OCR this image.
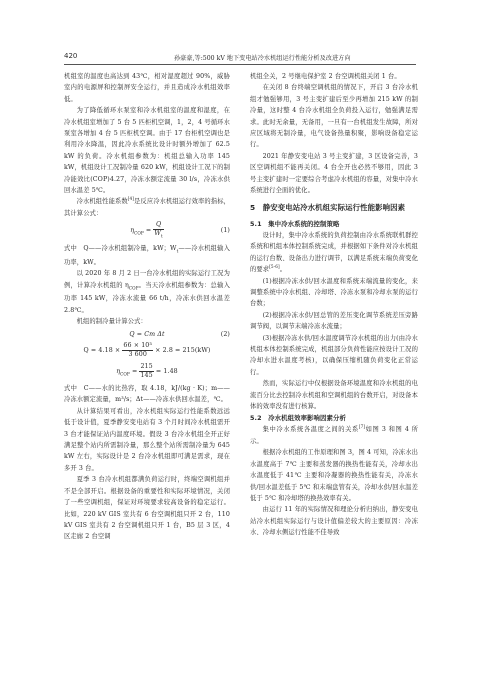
420	孙豪豪,等:500 kV 地下变电站冷水机组运行性能分析及改进方向

机组室的温度也高达到 43℃，相对湿度超过 90%，威胁室内的电源屏和控制屏安全运行，并且造成冷水机组效率低。

为了降低循环水泵室和冷水机组室的温度和湿度，在冷水机组室增加了 5 台 5 匹柜机空调，1，2，4 号循环水泵室各增加 4 台 5 匹柜机空调。由于 17 台柜机空调也是利用冷水降温，因此冷水系统比设计时额外增加了 62.5 kW 的负荷。冷水机组参数为：机组总输入功率 145 kW，机组设计工况制冷量 620 kW，机组设计工况下的制冷能效比(COP)4.27，冷冻水额定流量 30 l/s，冷冻水供回水温差 5℃。

冷水机组性能系数[4]是反应冷水机组运行效率的指标，其计算公式：

$\eta_{COP} = \frac{Q}{W_t}$	(1)

式中　Q——冷水机组制冷量，kW；$W_t——$冷水机组输入功率，kW。

以 2020 年 8 月 2 日一台冷水机组的实际运行工况为例，计算冷水机组的 $\eta_{COP}$。当天冷水机组参数为：总输入功率 145 kW，冷冻水流量 66 t/h，冷冻水供回水温差 2.8℃。

机组的制冷量计算公式：

Q = Cm Δt	(2)
$Q = 4.18 \times \frac{\text{66 × 10³}}{3 600} \times 2.8 = 215(kW)$
$\eta_{COP} = \frac{215}{145} = 1.48$

式中　C——水的比热容，取 4.18，kJ/(kg · K)；m——冷冻水额定流量，m³/s；Δt——冷冻水供回水温差，℃。

从计算结果可看出，冷水机组实际运行性能系数远远低于设计值，夏季静安变电站有 3 个月时间冷水机组需开 3 台才能保证站内温度环境。假设 3 台冷水机组全开正好满足整个站内所需制冷量，那么整个站所需制冷量为 645 kW 左右，实际设计是 2 台冷水机组即可满足需求，现在多开 3 台。

夏季 3 台冷水机组都满负荷运行时，终端空调机组并不是全部开启。根据设备的重要性和实际环境情况，关闭了一些空调机组，保证对环境要求较高设备的稳定运行。比如，220 kV GIS 室共有 6 台空调机组只开 2 台，110 kV GIS 室共有 2 台空调机组只开 1 台，B5 层 3 区，4 区走廊 2 台空调

机组全关，2 号继电保护室 2 台空调机组关闭 1 台。

在关闭 8 台终端空调机组的情况下，开启 3 台冷水机组才勉强够用，3 号主变扩建后至少再增加 215 kW 的制冷量，这时整 4 台冷水机组全负荷投入运行，勉强满足需求。此时无余量，无备用，一旦有一台机组发生故障，所对应区域将无制冷量，电气设备热量积聚，影响设备稳定运行。

2021 年静安变电站 3 号主变扩建，3 区设备完善，3 区空调机组不能再关闭。4 台全开也必然不够用，因此 3 号主变扩建时一定要综合考虑冷水机组的容量，对集中冷水系统进行全面的优化。

5　静安变电站冷水机组实际运行性能影响因素
5.1　集中冷水系统的控制策略

设计时，集中冷水系统的负荷控制由冷水系统联机群控系统和机组本体控制系统完成，并根据如下条件对冷水机组的运行台数、设备出力进行调节，以满足系统末端负荷变化的要求[5-6]。

(1)根据冷冻水供/回水温度和系统末端流量的变化，来调整系统中冷水机组、冷却塔、冷冻水泵和冷却水泵的运行台数；

(2)根据冷冻水供/回总管的差压变化调节系统差压旁路调节阀，以调节末端冷冻水流量；

(3)根据冷冻水供/回水温度调节冷水机组的出力(由冷水机组本体控制系统完成，机组部分负荷性能应按设计工况的冷却水进水温度考核)，以确保压缩机随负荷变化正常运行。

然而，实际运行中仅根据设备环境温度和冷水机组的电流百分比去控制冷水机组和空调机组的台数开启，对设备本体的效率没有进行核算。

5.2　冷水机组效率影响因素分析

集中冷水系统各温度之间的关系[7]如图 3 和图 4 所示。

根据冷水机组的工作原理和图 3，图 4 可知，冷冻水出水温度高于 7℃ 主要和蒸发器的换热性能有关，冷却水出水温度低于 41℃ 主要和冷凝器的换热性能有关，冷冻水供/回水温差低于 5℃ 和末端盘管有关，冷却水供/回水温差低于 5℃ 和冷却塔的换热效率有关。

由运行 11 年的实际情况和理论分析归纳出，静安变电站冷水机组实际运行与设计值偏差较大的主要原因：冷冻水、冷却水侧运行性能不佳导致
